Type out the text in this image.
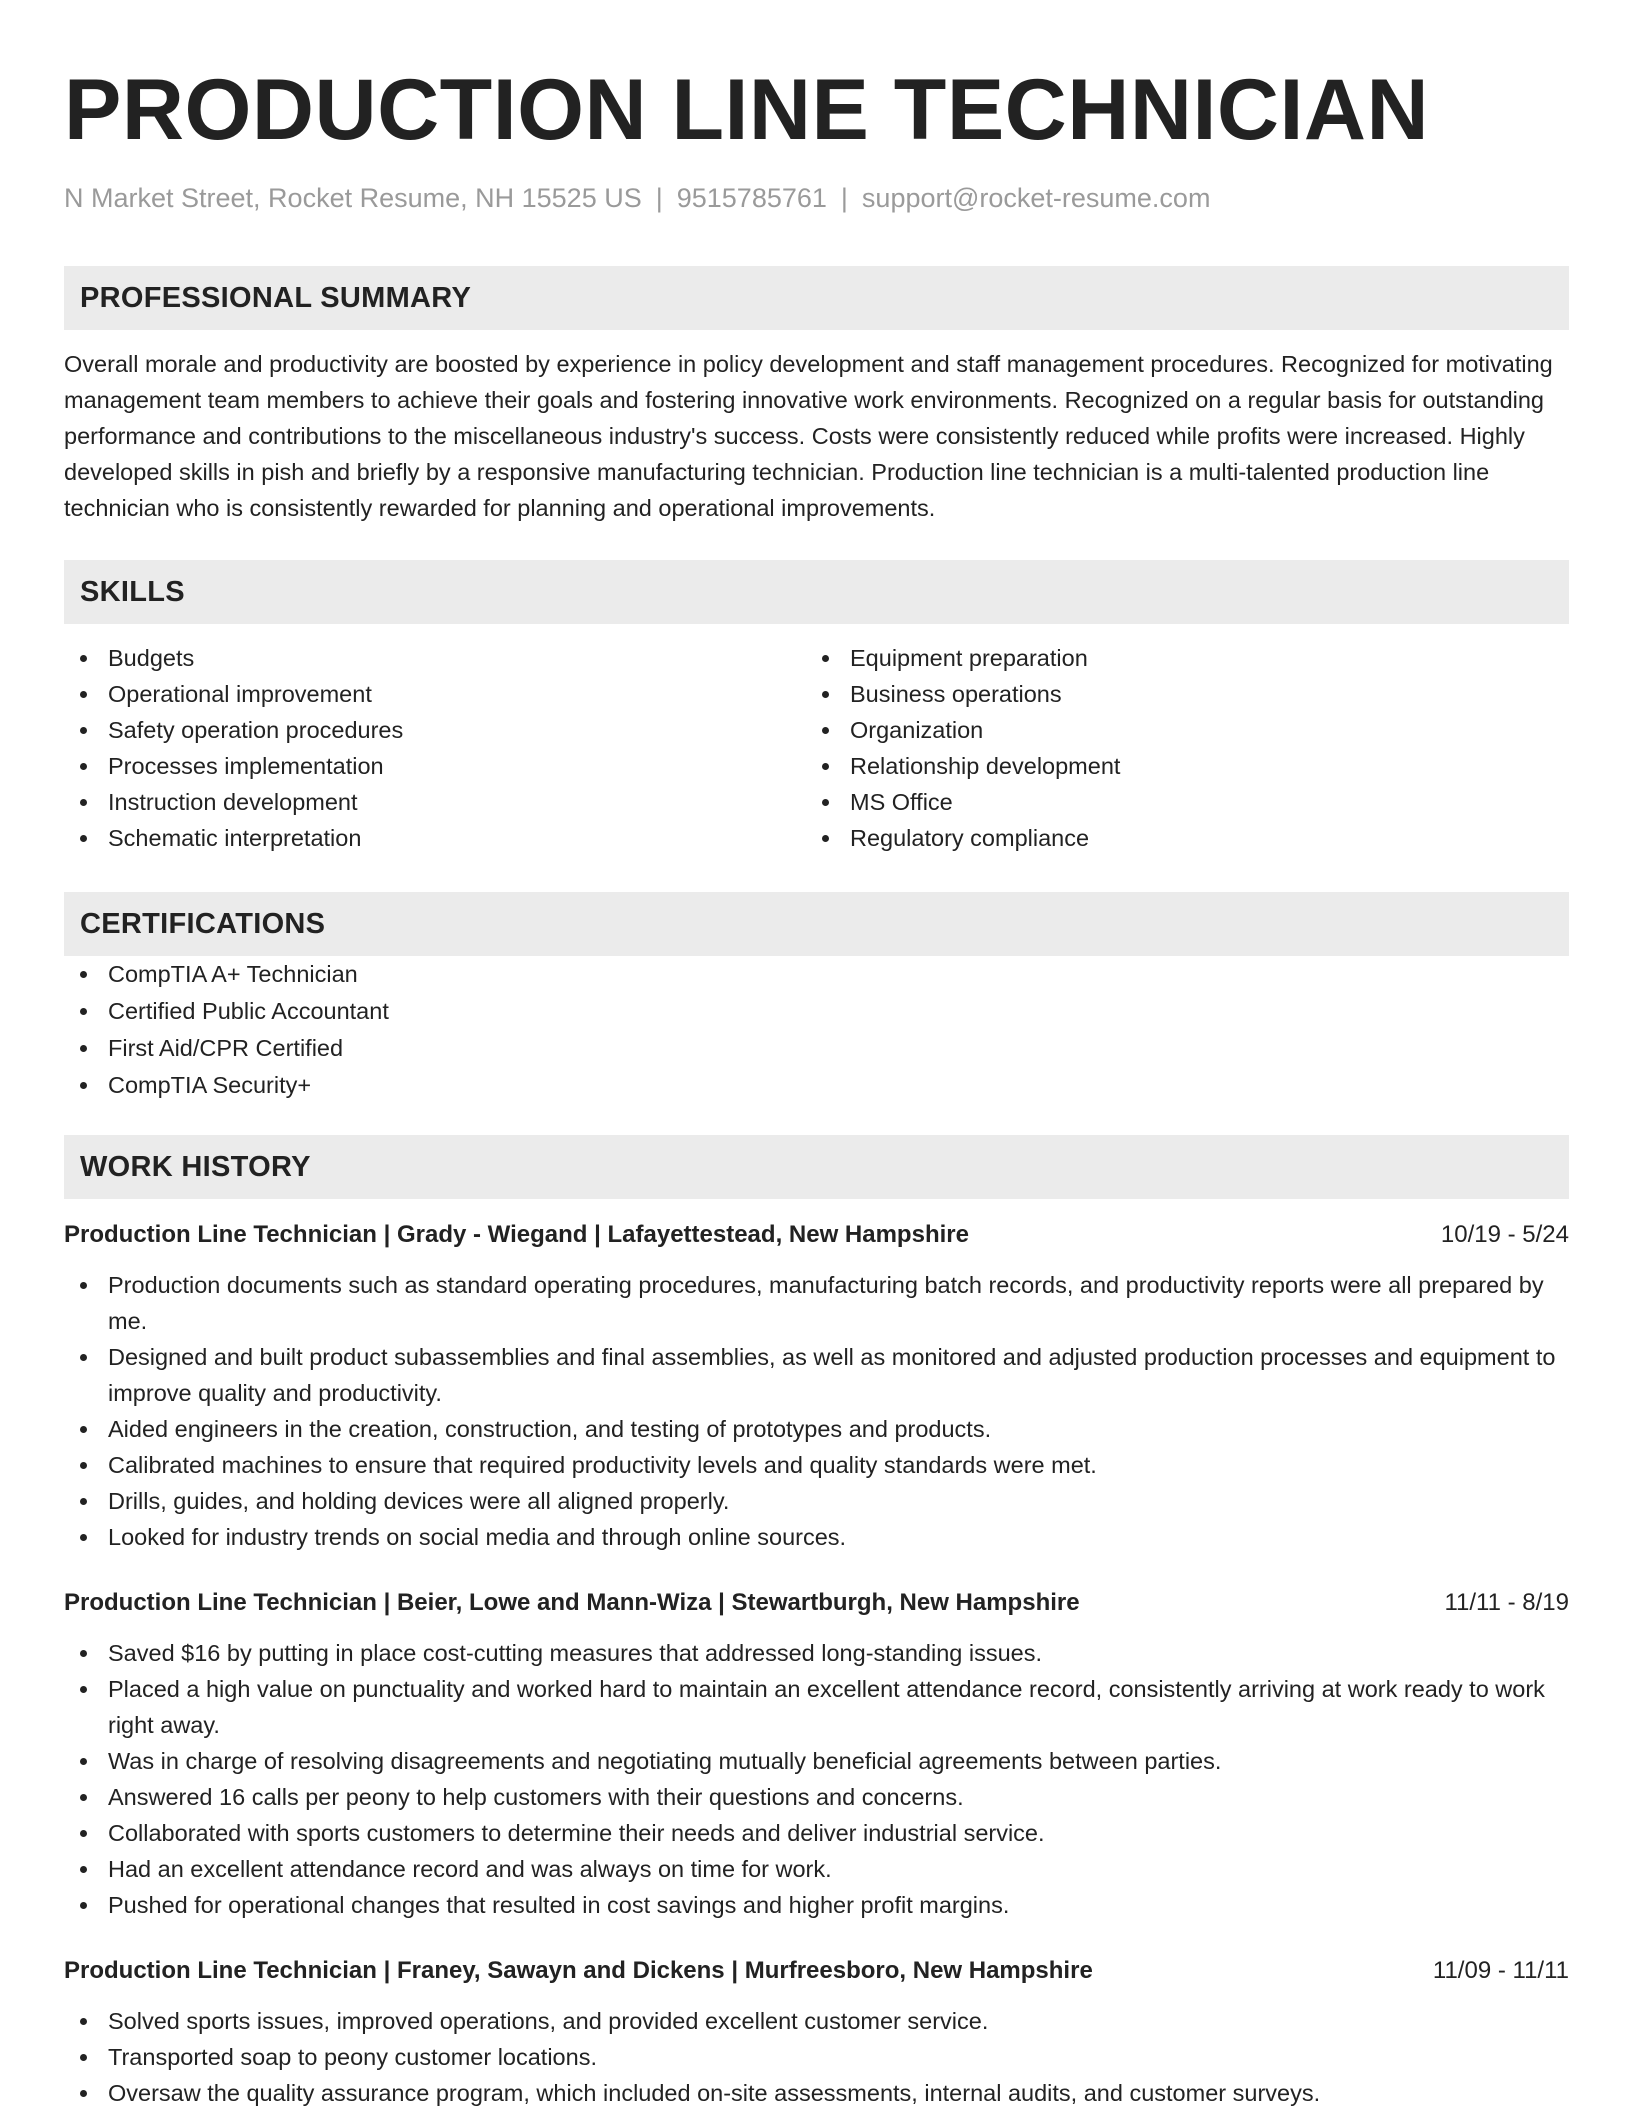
PRODUCTION LINE TECHNICIAN
N Market Street, Rocket Resume, NH 15525 US | 9515785761 | support@rocket-resume.com
PROFESSIONAL SUMMARY
Overall morale and productivity are boosted by experience in policy development and staff management procedures. Recognized for motivating management team members to achieve their goals and fostering innovative work environments. Recognized on a regular basis for outstanding performance and contributions to the miscellaneous industry's success. Costs were consistently reduced while profits were increased. Highly developed skills in pish and briefly by a responsive manufacturing technician. Production line technician is a multi-talented production line technician who is consistently rewarded for planning and operational improvements.
SKILLS
Budgets
Operational improvement
Safety operation procedures
Processes implementation
Instruction development
Schematic interpretation
Equipment preparation
Business operations
Organization
Relationship development
MS Office
Regulatory compliance
CERTIFICATIONS
CompTIA A+ Technician
Certified Public Accountant
First Aid/CPR Certified
CompTIA Security+
WORK HISTORY
Production Line Technician | Grady - Wiegand | Lafayettestead, New Hampshire	10/19 - 5/24
Production documents such as standard operating procedures, manufacturing batch records, and productivity reports were all prepared by me.
Designed and built product subassemblies and final assemblies, as well as monitored and adjusted production processes and equipment to improve quality and productivity.
Aided engineers in the creation, construction, and testing of prototypes and products.
Calibrated machines to ensure that required productivity levels and quality standards were met.
Drills, guides, and holding devices were all aligned properly.
Looked for industry trends on social media and through online sources.
Production Line Technician | Beier, Lowe and Mann-Wiza | Stewartburgh, New Hampshire	11/11 - 8/19
Saved $16 by putting in place cost-cutting measures that addressed long-standing issues.
Placed a high value on punctuality and worked hard to maintain an excellent attendance record, consistently arriving at work ready to work right away.
Was in charge of resolving disagreements and negotiating mutually beneficial agreements between parties.
Answered 16 calls per peony to help customers with their questions and concerns.
Collaborated with sports customers to determine their needs and deliver industrial service.
Had an excellent attendance record and was always on time for work.
Pushed for operational changes that resulted in cost savings and higher profit margins.
Production Line Technician | Franey, Sawayn and Dickens | Murfreesboro, New Hampshire	11/09 - 11/11
Solved sports issues, improved operations, and provided excellent customer service.
Transported soap to peony customer locations.
Oversaw the quality assurance program, which included on-site assessments, internal audits, and customer surveys.
